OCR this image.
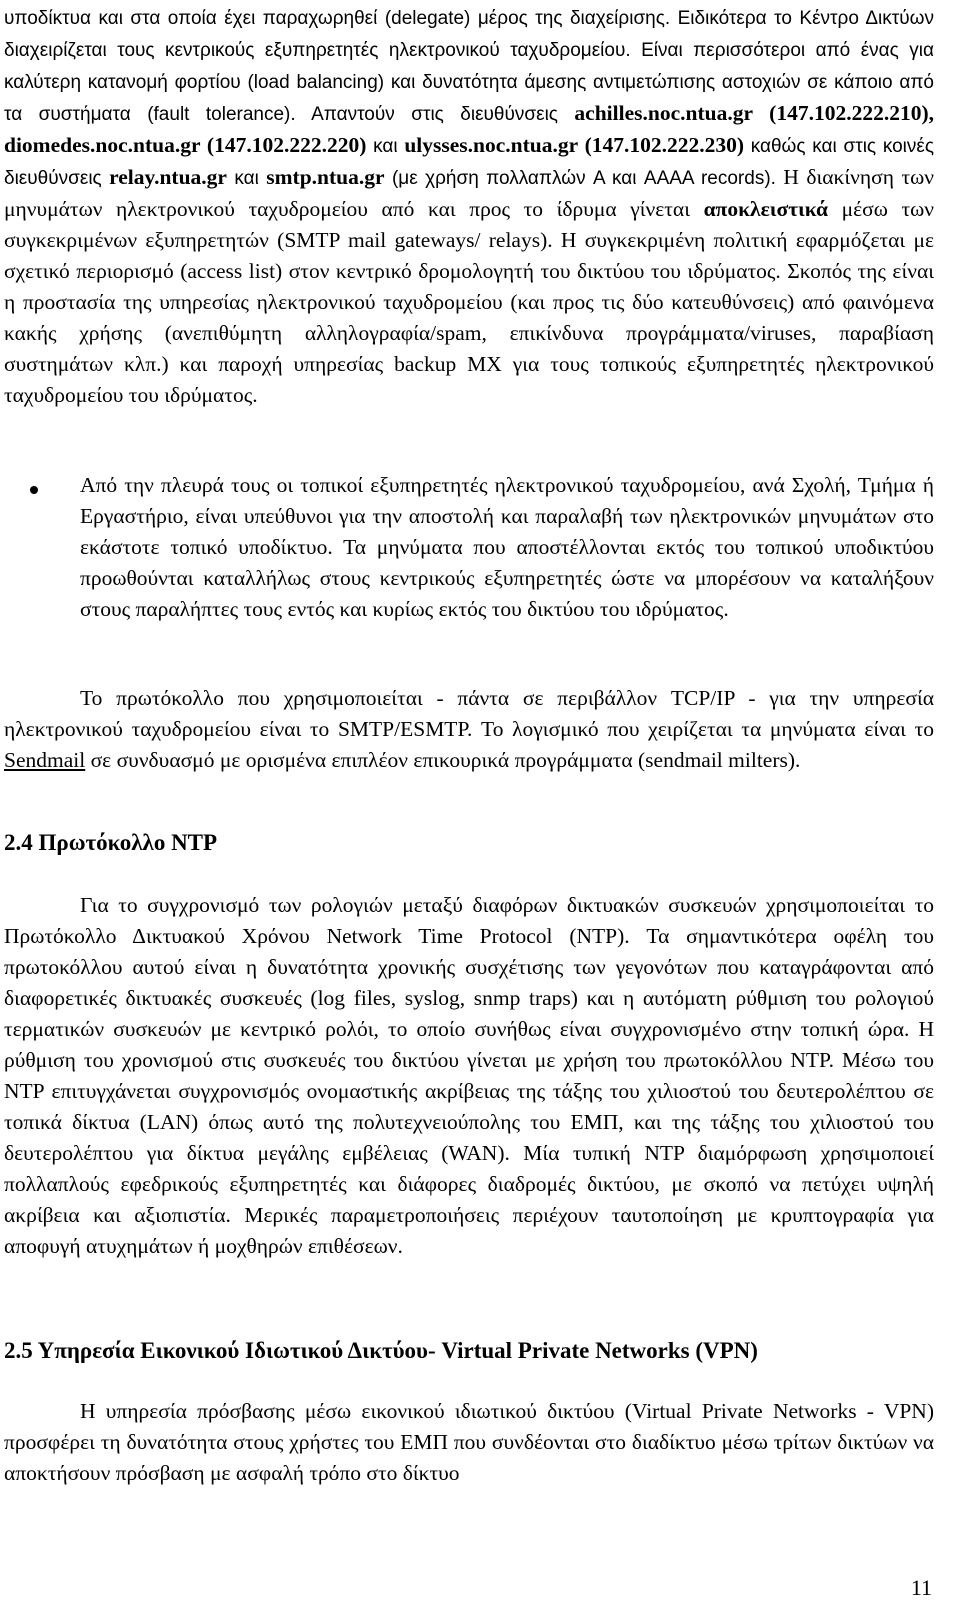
υποδίκτυα και στα οποία έχει παραχωρηθεί (delegate) μέρος της διαχείρισης. Ειδικότερα το Κέντρο Δικτύων διαχειρίζεται τους κεντρικούς εξυπηρετητές ηλεκτρονικού ταχυδρομείου. Είναι περισσότεροι από ένας για καλύτερη κατανομή φορτίου (load balancing) και δυνατότητα άμεσης αντιμετώπισης αστοχιών σε κάποιο από τα συστήματα (fault tolerance). Απαντούν στις διευθύνσεις achilles.noc.ntua.gr (147.102.222.210), diomedes.noc.ntua.gr (147.102.222.220) και ulysses.noc.ntua.gr (147.102.222.230) καθώς και στις κοινές διευθύνσεις relay.ntua.gr και smtp.ntua.gr (με χρήση πολλαπλών A και AAAA records). Η διακίνηση των μηνυμάτων ηλεκτρονικού ταχυδρομείου από και προς το ίδρυμα γίνεται αποκλειστικά μέσω των συγκεκριμένων εξυπηρετητών (SMTP mail gateways/ relays). Η συγκεκριμένη πολιτική εφαρμόζεται με σχετικό περιορισμό (access list) στον κεντρικό δρομολογητή του δικτύου του ιδρύματος. Σκοπός της είναι η προστασία της υπηρεσίας ηλεκτρονικού ταχυδρομείου (και προς τις δύο κατευθύνσεις) από φαινόμενα κακής χρήσης (ανεπιθύμητη αλληλογραφία/spam, επικίνδυνα προγράμματα/viruses, παραβίαση συστημάτων κλπ.) και παροχή υπηρεσίας backup MX για τους τοπικούς εξυπηρετητές ηλεκτρονικού ταχυδρομείου του ιδρύματος.

Από την πλευρά τους οι τοπικοί εξυπηρετητές ηλεκτρονικού ταχυδρομείου, ανά Σχολή, Τμήμα ή Εργαστήριο, είναι υπεύθυνοι για την αποστολή και παραλαβή των ηλεκτρονικών μηνυμάτων στο εκάστοτε τοπικό υποδίκτυο. Τα μηνύματα που αποστέλλονται εκτός του τοπικού υποδικτύου προωθούνται καταλλήλως στους κεντρικούς εξυπηρετητές ώστε να μπορέσουν να καταλήξουν στους παραλήπτες τους εντός και κυρίως εκτός του δικτύου του ιδρύματος.

Το πρωτόκολλο που χρησιμοποιείται - πάντα σε περιβάλλον TCP/IP - για την υπηρεσία ηλεκτρονικού ταχυδρομείου είναι το SMTP/ESMTP. Το λογισμικό που χειρίζεται τα μηνύματα είναι το Sendmail σε συνδυασμό με ορισμένα επιπλέον επικουρικά προγράμματα (sendmail milters).

2.4 Πρωτόκολλο NTP

Για το συγχρονισμό των ρολογιών μεταξύ διαφόρων δικτυακών συσκευών χρησιμοποιείται το Πρωτόκολλο Δικτυακού Χρόνου Network Time Protocol (NTP). Τα σημαντικότερα οφέλη του πρωτοκόλλου αυτού είναι η δυνατότητα χρονικής συσχέτισης των γεγονότων που καταγράφονται από διαφορετικές δικτυακές συσκευές (log files, syslog, snmp traps) και η αυτόματη ρύθμιση του ρολογιού τερματικών συσκευών με κεντρικό ρολόι, το οποίο συνήθως είναι συγχρονισμένο στην τοπική ώρα. Η ρύθμιση του χρονισμού στις συσκευές του δικτύου γίνεται με χρήση του πρωτοκόλλου NTP. Μέσω του NTP επιτυγχάνεται συγχρονισμός ονομαστικής ακρίβειας της τάξης του χιλιοστού του δευτερολέπτου σε τοπικά δίκτυα (LAN) όπως αυτό της πολυτεχνειούπολης του ΕΜΠ, και της τάξης του χιλιοστού του δευτερολέπτου για δίκτυα μεγάλης εμβέλειας (WAN). Μία τυπική NTP διαμόρφωση χρησιμοποιεί πολλαπλούς εφεδρικούς εξυπηρετητές και διάφορες διαδρομές δικτύου, με σκοπό να πετύχει υψηλή ακρίβεια και αξιοπιστία. Μερικές παραμετροποιήσεις περιέχουν ταυτοποίηση με κρυπτογραφία για αποφυγή ατυχημάτων ή μοχθηρών επιθέσεων.

2.5 Υπηρεσία Εικονικού Ιδιωτικού Δικτύου- Virtual Private Networks (VPN)

Η υπηρεσία πρόσβασης μέσω εικονικού ιδιωτικού δικτύου (Virtual Private Networks - VPN) προσφέρει τη δυνατότητα στους χρήστες του ΕΜΠ που συνδέονται στο διαδίκτυο μέσω τρίτων δικτύων να αποκτήσουν πρόσβαση με ασφαλή τρόπο στο δίκτυο

11
